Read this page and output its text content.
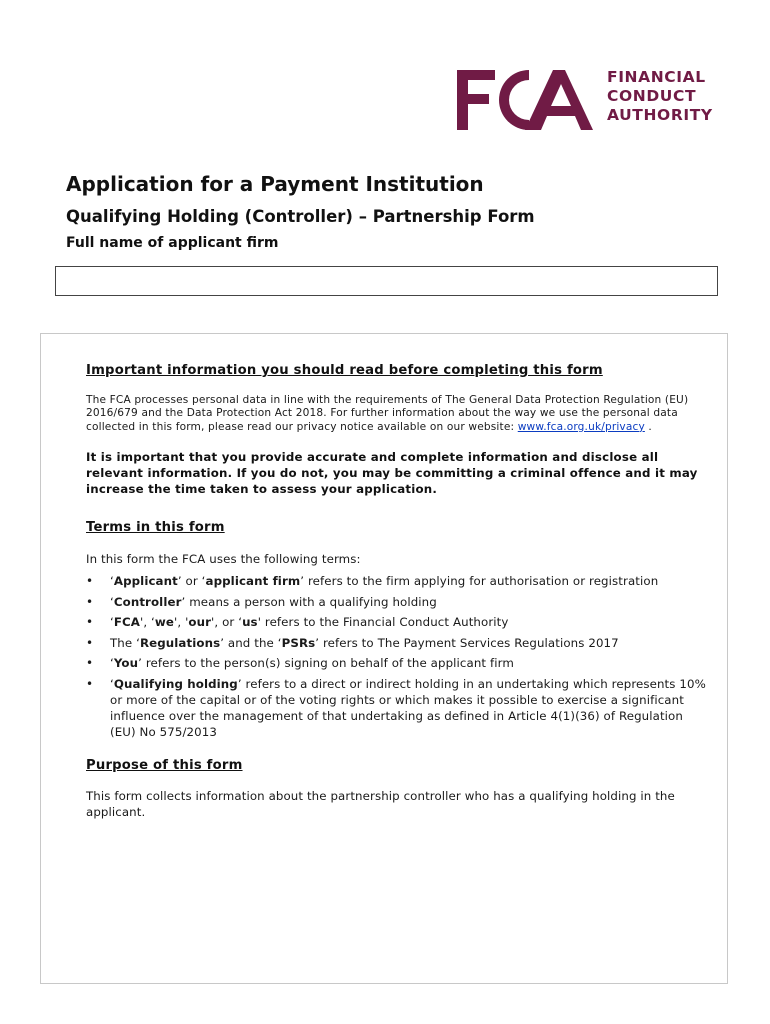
FINANCIAL
CONDUCT
AUTHORITY
Application for a Payment Institution
Qualifying Holding (Controller) – Partnership Form
Full name of applicant firm
Important information you should read before completing this form
The FCA processes personal data in line with the requirements of The General Data Protection Regulation (EU) 2016/679 and the Data Protection Act 2018. For further information about the way we use the personal data collected in this form, please read our privacy notice available on our website: www.fca.org.uk/privacy .
It is important that you provide accurate and complete information and disclose all relevant information. If you do not, you may be committing a criminal offence and it may increase the time taken to assess your application.
Terms in this form
In this form the FCA uses the following terms:
• ‘Applicant’ or ‘applicant firm’ refers to the firm applying for authorisation or registration
• ‘Controller’ means a person with a qualifying holding
• ‘FCA', ‘we', 'our', or ‘us' refers to the Financial Conduct Authority
• The ‘Regulations’ and the ‘PSRs’ refers to The Payment Services Regulations 2017
• ‘You’ refers to the person(s) signing on behalf of the applicant firm
• ‘Qualifying holding’ refers to a direct or indirect holding in an undertaking which represents 10% or more of the capital or of the voting rights or which makes it possible to exercise a significant influence over the management of that undertaking as defined in Article 4(1)(36) of Regulation (EU) No 575/2013
Purpose of this form
This form collects information about the partnership controller who has a qualifying holding in the applicant.
